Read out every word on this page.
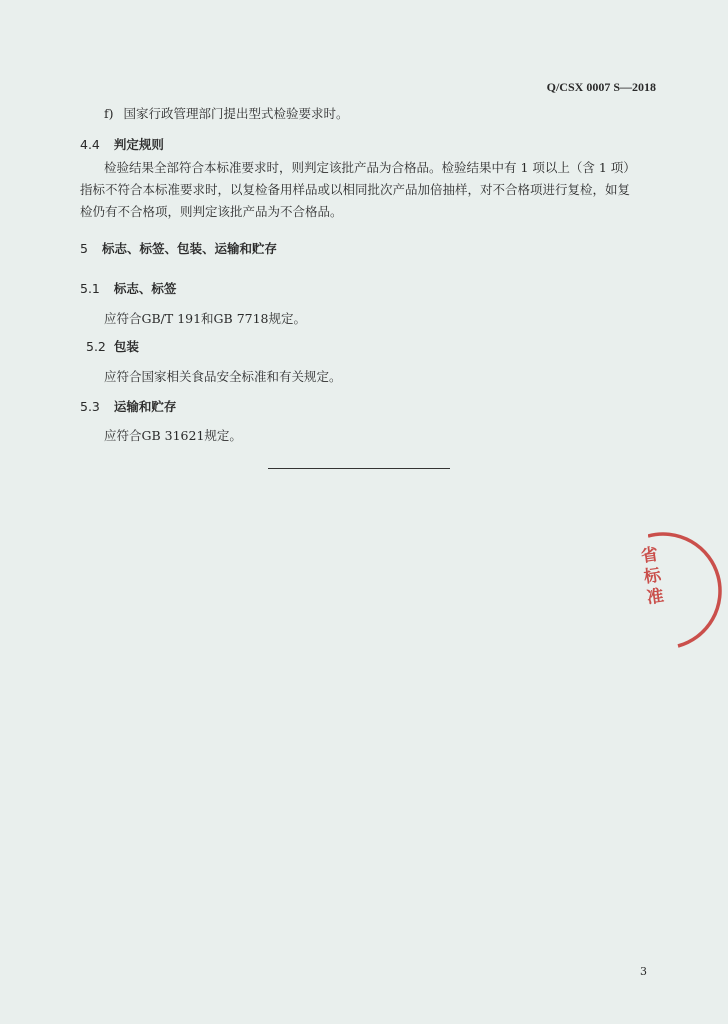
Q/CSX 0007 S—2018
f) 国家行政管理部门提出型式检验要求时。
4.4 判定规则
检验结果全部符合本标准要求时，则判定该批产品为合格品。检验结果中有 1 项以上（含 1 项）指标不符合本标准要求时，以复检备用样品或以相同批次产品加倍抽样，对不合格项进行复检，如复检仍有不合格项，则判定该批产品为不合格品。
5 标志、标签、包装、运输和贮存
5.1 标志、标签
应符合GB/T 191和GB 7718规定。
5.2 包装
应符合国家相关食品安全标准和有关规定。
5.3 运输和贮存
应符合GB 31621规定。
省标准
3
